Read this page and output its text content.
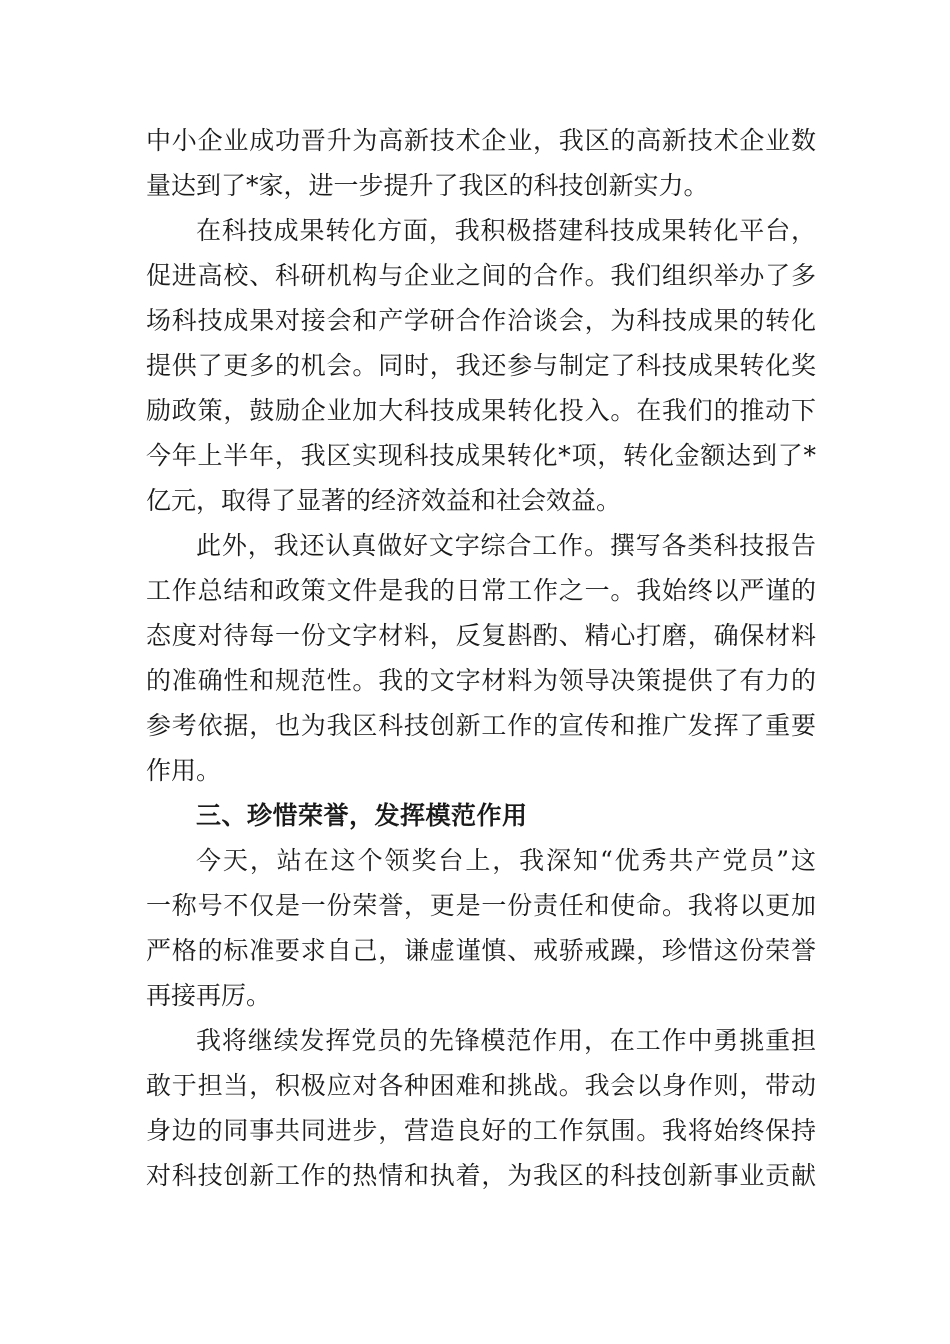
中小企业成功晋升为高新技术企业，我区的高新技术企业数
量达到了*家，进一步提升了我区的科技创新实力。
在科技成果转化方面，我积极搭建科技成果转化平台，
促进高校、科研机构与企业之间的合作。我们组织举办了多
场科技成果对接会和产学研合作洽谈会，为科技成果的转化
提供了更多的机会。同时，我还参与制定了科技成果转化奖
励政策，鼓励企业加大科技成果转化投入。在我们的推动下
今年上半年，我区实现科技成果转化*项，转化金额达到了*
亿元，取得了显著的经济效益和社会效益。
此外，我还认真做好文字综合工作。撰写各类科技报告
工作总结和政策文件是我的日常工作之一。我始终以严谨的
态度对待每一份文字材料，反复斟酌、精心打磨，确保材料
的准确性和规范性。我的文字材料为领导决策提供了有力的
参考依据，也为我区科技创新工作的宣传和推广发挥了重要
作用。
三、珍惜荣誉，发挥模范作用
今天，站在这个领奖台上，我深知“优秀共产党员”这
一称号不仅是一份荣誉，更是一份责任和使命。我将以更加
严格的标准要求自己，谦虚谨慎、戒骄戒躁，珍惜这份荣誉
再接再厉。
我将继续发挥党员的先锋模范作用，在工作中勇挑重担
敢于担当，积极应对各种困难和挑战。我会以身作则，带动
身边的同事共同进步，营造良好的工作氛围。我将始终保持
对科技创新工作的热情和执着，为我区的科技创新事业贡献
